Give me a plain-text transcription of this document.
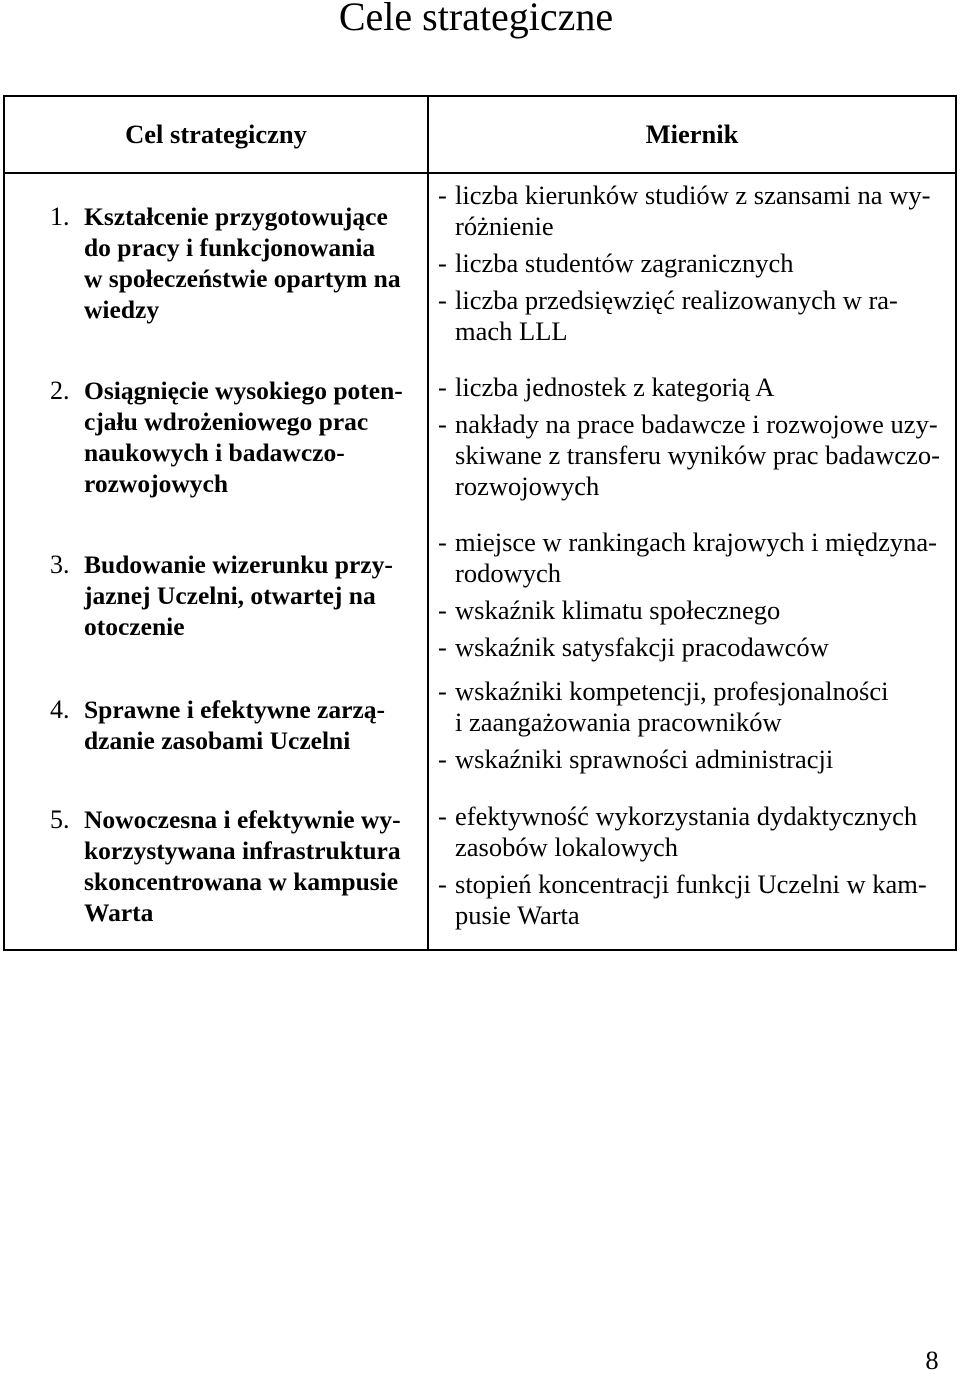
Cele strategiczne
Cel strategiczny	Miernik
1. Kształcenie przygotowujące
do pracy i funkcjonowania
w społeczeństwie opartym na
wiedzy
- liczba kierunków studiów z szansami na wy-
różnienie
- liczba studentów zagranicznych
- liczba przedsięwzięć realizowanych w ra-
mach LLL
2. Osiągnięcie wysokiego poten-
cjału wdrożeniowego prac
naukowych i badawczo-
rozwojowych
- liczba jednostek z kategorią A
- nakłady na prace badawcze i rozwojowe uzy-
skiwane z transferu wyników prac badawczo-
rozwojowych
3. Budowanie wizerunku przy-
jaznej Uczelni, otwartej na
otoczenie
- miejsce w rankingach krajowych i międzyna-
rodowych
- wskaźnik klimatu społecznego
- wskaźnik satysfakcji pracodawców
4. Sprawne i efektywne zarzą-
dzanie zasobami Uczelni
- wskaźniki kompetencji, profesjonalności
i zaangażowania pracowników
- wskaźniki sprawności administracji
5. Nowoczesna i efektywnie wy-
korzystywana infrastruktura
skoncentrowana w kampusie
Warta
- efektywność wykorzystania dydaktycznych
zasobów lokalowych
- stopień koncentracji funkcji Uczelni w kam-
pusie Warta
8
